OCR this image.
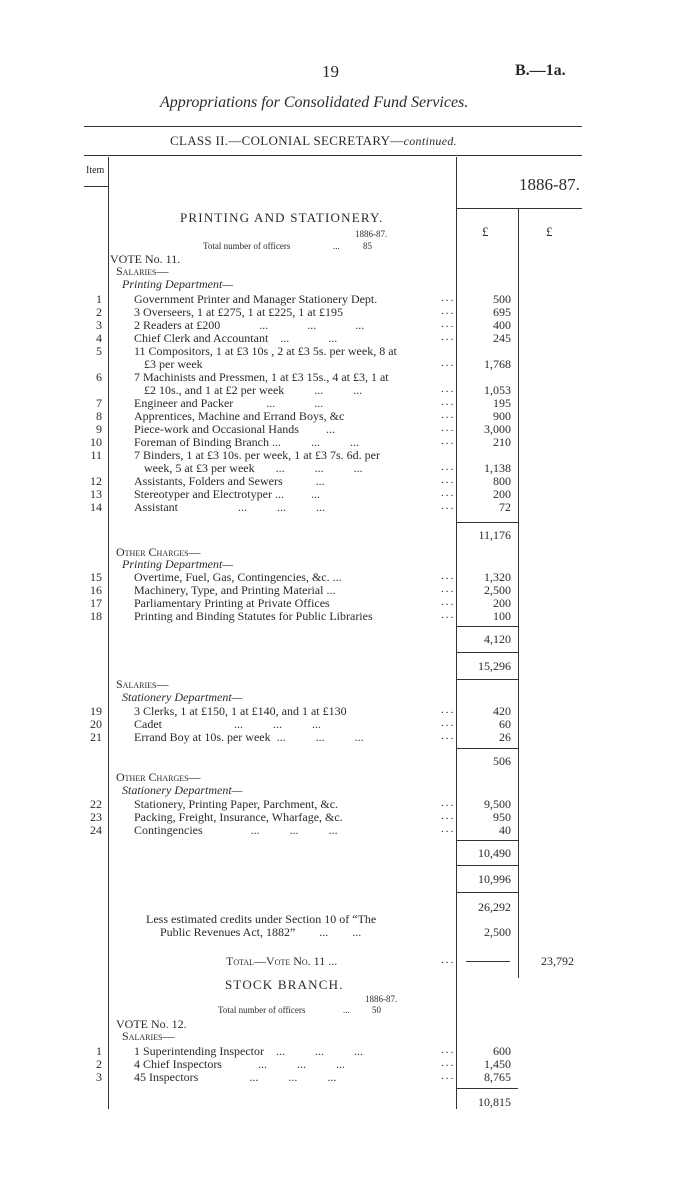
19	B.—1a.
Appropriations for Consolidated Fund Services.
CLASS II.—COLONIAL SECRETARY—continued.
Item
1886-87.
£	£
PRINTING AND STATIONERY.
1886-87.
Total number of officers	...	85
VOTE No. 11.
Salaries—
Printing Department—
1	Government Printer and Manager Stationery Dept.	...	500
2	3 Overseers, 1 at £275, 1 at £225, 1 at £195	...	695
3	2 Readers at £200             ...             ...             ...	...	400
4	Chief Clerk and Accountant    ...             ...	...	245
5	11 Compositors, 1 at £3 10s , 2 at £3 5s. per week, 8 at
£3 per week	...	1,768
6	7 Machinists and Pressmen, 1 at £3 15s., 4 at £3, 1 at
£2 10s., and 1 at £2 per week          ...          ...	...	1,053
7	Engineer and Packer           ...             ...	...	195
8	Apprentices, Machine and Errand Boys, &c	...	900
9	Piece-work and Occasional Hands         ...	...	3,000
10	Foreman of Binding Branch ...          ...          ...	...	210
11	7 Binders, 1 at £3 10s. per week, 1 at £3 7s. 6d. per
week, 5 at £3 per week       ...          ...          ...	...	1,138
12	Assistants, Folders and Sewers           ...	...	800
13	Stereotyper and Electrotyper ...         ...	...	200
14	Assistant                    ...          ...          ...	...	72
11,176
Other Charges—
Printing Department—
15	Overtime, Fuel, Gas, Contingencies, &c. ...	...	1,320
16	Machinery, Type, and Printing Material ...	...	2,500
17	Parliamentary Printing at Private Offices	...	200
18	Printing and Binding Statutes for Public Libraries	...	100
4,120
15,296
Salaries—
Stationery Department—
19	3 Clerks, 1 at £150, 1 at £140, and 1 at £130	...	420
20	Cadet                        ...          ...          ...	...	60
21	Errand Boy at 10s. per week  ...          ...          ...	...	26
506
Other Charges—
Stationery Department—
22	Stationery, Printing Paper, Parchment, &c.	...	9,500
23	Packing, Freight, Insurance, Wharfage, &c.	...	950
24	Contingencies                ...          ...          ...	...	40
10,490
10,996
26,292
Less estimated credits under Section 10 of “The
Public Revenues Act, 1882”        ...        ...	2,500
Total—Vote No. 11 ...	...	23,792
STOCK BRANCH.
1886-87.
Total number of officers	... 50
VOTE No. 12.
Salaries—
1	1 Superintending Inspector    ...          ...          ...	...	600
2	4 Chief Inspectors            ...          ...          ...	...	1,450
3	45 Inspectors                 ...          ...          ...	...	8,765
10,815
